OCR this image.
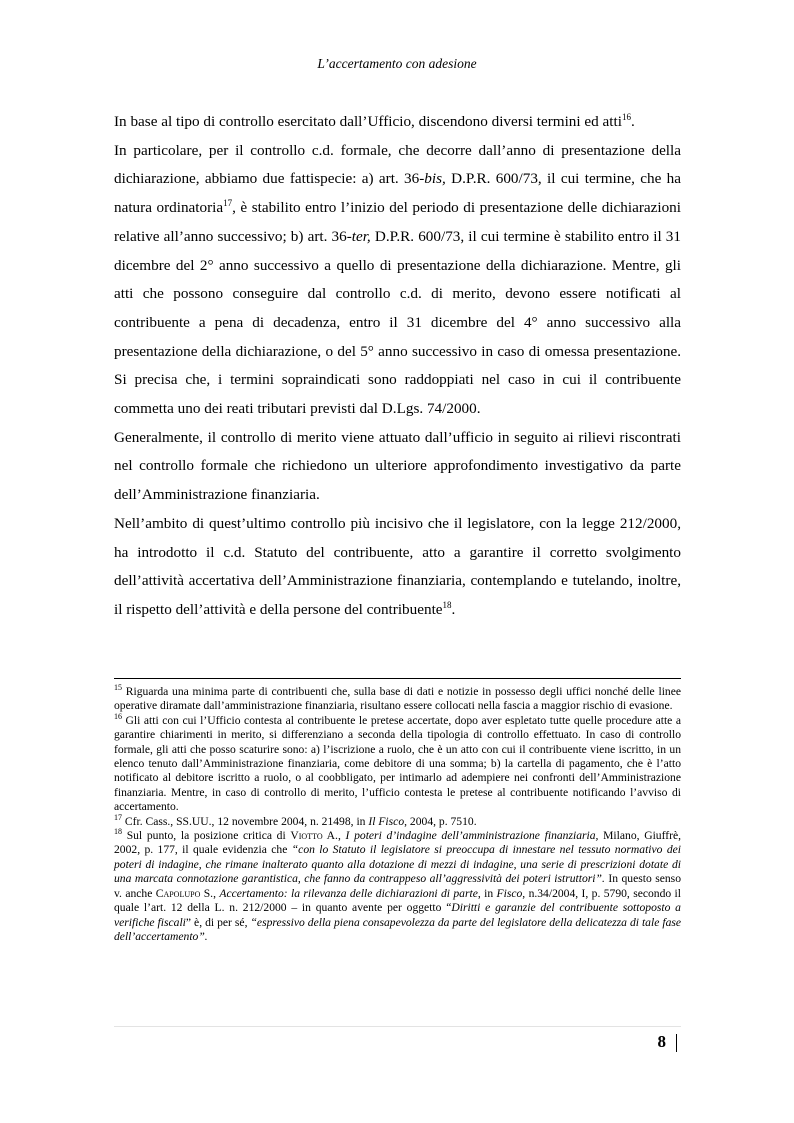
L’accertamento con adesione

In base al tipo di controllo esercitato dall’Ufficio, discendono diversi termini ed atti$^{16}$.

In particolare, per il controllo c.d. formale, che decorre dall’anno di presentazione della dichiarazione, abbiamo due fattispecie: a) art. 36-bis, D.P.R. 600/73, il cui termine, che ha natura ordinatoria$^{17}$, è stabilito entro l’inizio del periodo di presentazione delle dichiarazioni relative all’anno successivo; b) art. 36-ter, D.P.R. 600/73, il cui termine è stabilito entro il 31 dicembre del 2° anno successivo a quello di presentazione della dichiarazione. Mentre, gli atti che possono conseguire dal controllo c.d. di merito, devono essere notificati al contribuente a pena di decadenza, entro il 31 dicembre del 4° anno successivo alla presentazione della dichiarazione, o del 5° anno successivo in caso di omessa presentazione. Si precisa che, i termini sopraindicati sono raddoppiati nel caso in cui il contribuente commetta uno dei reati tributari previsti dal D.Lgs. 74/2000.

Generalmente, il controllo di merito viene attuato dall’ufficio in seguito ai rilievi riscontrati nel controllo formale che richiedono un ulteriore approfondimento investigativo da parte dell’Amministrazione finanziaria.

Nell’ambito di quest’ultimo controllo più incisivo che il legislatore, con la legge 212/2000, ha introdotto il c.d. Statuto del contribuente, atto a garantire il corretto svolgimento dell’attività accertativa dell’Amministrazione finanziaria, contemplando e tutelando, inoltre, il rispetto dell’attività e della persone del contribuente$^{18}$.

$^{15}$ Riguarda una minima parte di contribuenti che, sulla base di dati e notizie in possesso degli uffici nonché delle linee operative diramate dall’amministrazione finanziaria, risultano essere collocati nella fascia a maggior rischio di evasione.

$^{16}$ Gli atti con cui l’Ufficio contesta al contribuente le pretese accertate, dopo aver espletato tutte quelle procedure atte a garantire chiarimenti in merito, si differenziano a seconda della tipologia di controllo effettuato. In caso di controllo formale, gli atti che posso scaturire sono: a) l’iscrizione a ruolo, che è un atto con cui il contribuente viene iscritto, in un elenco tenuto dall’Amministrazione finanziaria, come debitore di una somma; b) la cartella di pagamento, che è l’atto notificato al debitore iscritto a ruolo, o al coobbligato, per intimarlo ad adempiere nei confronti dell’Amministrazione finanziaria. Mentre, in caso di controllo di merito, l’ufficio contesta le pretese al contribuente notificando l’avviso di accertamento.

$^{17}$ Cfr. Cass., SS.UU., 12 novembre 2004, n. 21498, in Il Fisco, 2004, p. 7510.

$^{18}$ Sul punto, la posizione critica di Viotto A., I poteri d’indagine dell’amministrazione finanziaria, Milano, Giuffrè, 2002, p. 177, il quale evidenzia che “con lo Statuto il legislatore si preoccupa di innestare nel tessuto normativo dei poteri di indagine, che rimane inalterato quanto alla dotazione di mezzi di indagine, una serie di prescrizioni dotate di una marcata connotazione garantistica, che fanno da contrappeso all’aggressività dei poteri istruttori”. In questo senso v. anche Capolupo S., Accertamento: la rilevanza delle dichiarazioni di parte, in Fisco, n.34/2004, I, p. 5790, secondo il quale l’art. 12 della L. n. 212/2000 – in quanto avente per oggetto “Diritti e garanzie del contribuente sottoposto a verifiche fiscali” è, di per sé, “espressivo della piena consapevolezza da parte del legislatore della delicatezza di tale fase dell’accertamento”.

8
